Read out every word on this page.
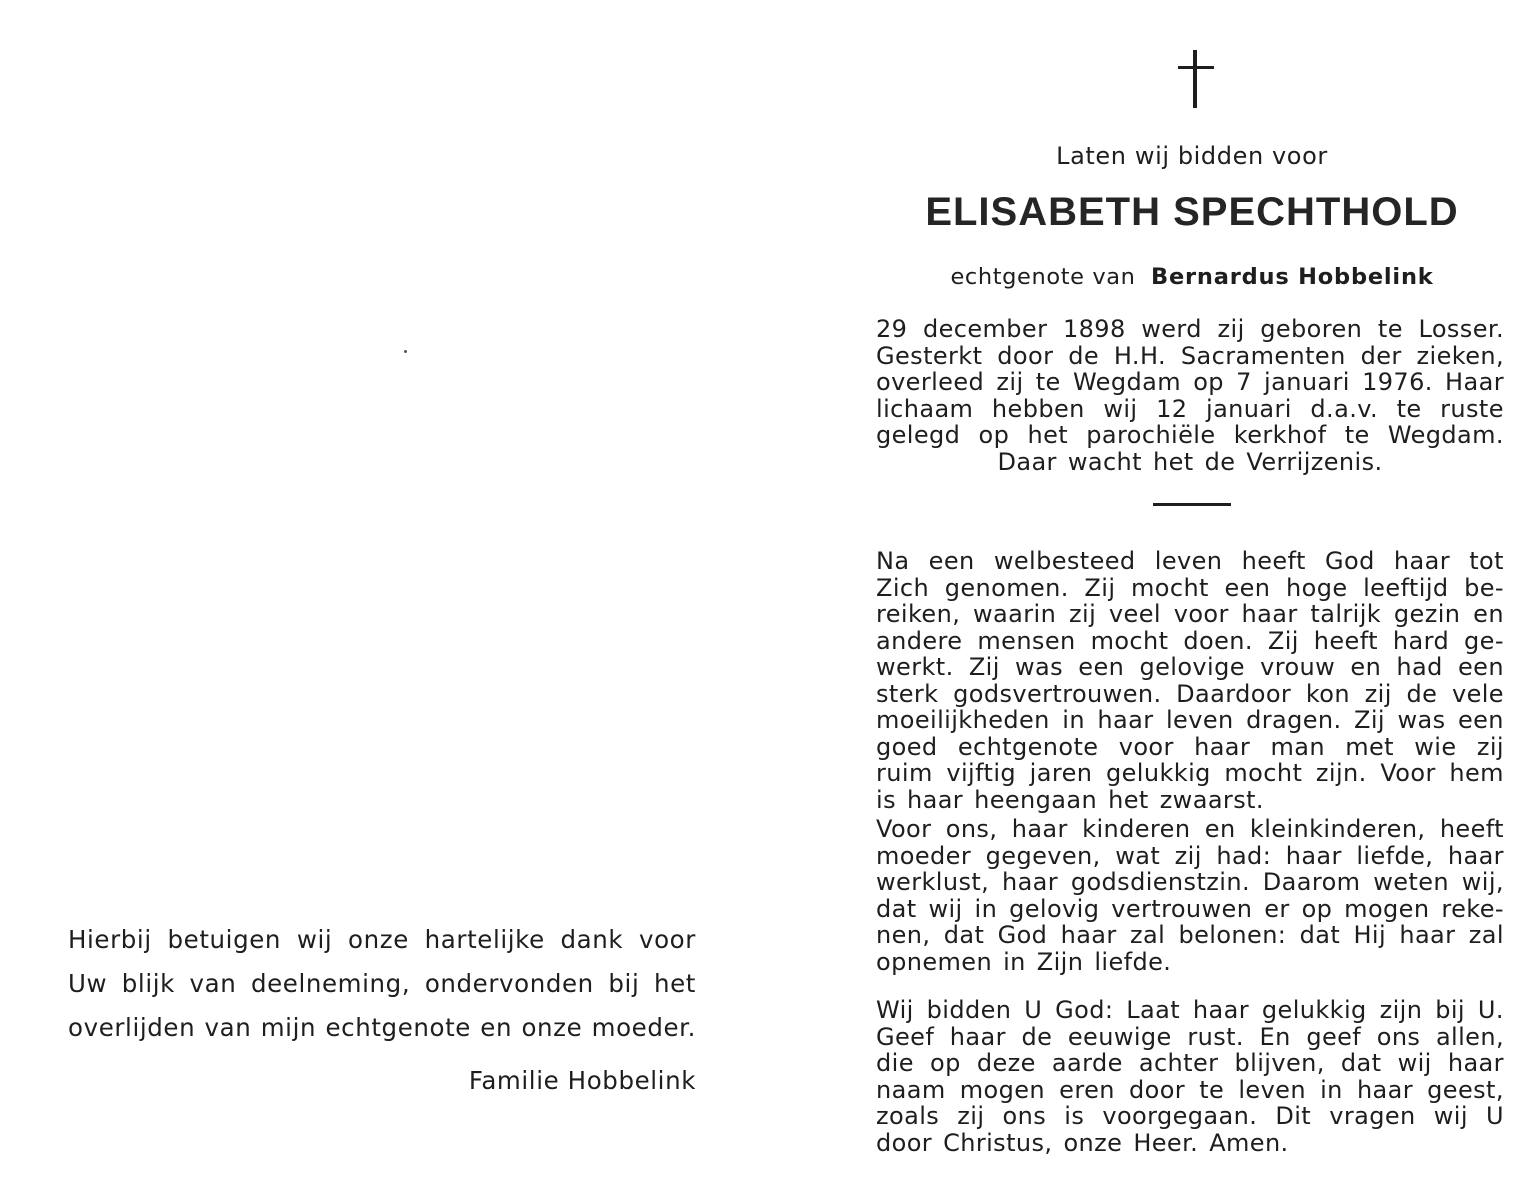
Hierbij betuigen wij onze hartelijke dank voor
Uw blijk van deelneming, ondervonden bij het
overlijden van mijn echtgenote en onze moeder.
Familie Hobbelink
Laten wij bidden voor
ELISABETH SPECHTHOLD
echtgenote van Bernardus Hobbelink
29 december 1898 werd zij geboren te Losser.
Gesterkt door de H.H. Sacramenten der zieken,
overleed zij te Wegdam op 7 januari 1976. Haar
lichaam hebben wij 12 januari d.a.v. te ruste
gelegd op het parochiële kerkhof te Wegdam.
Daar wacht het de Verrijzenis.
Na een welbesteed leven heeft God haar tot
Zich genomen. Zij mocht een hoge leeftijd be-
reiken, waarin zij veel voor haar talrijk gezin en
andere mensen mocht doen. Zij heeft hard ge-
werkt. Zij was een gelovige vrouw en had een
sterk godsvertrouwen. Daardoor kon zij de vele
moeilijkheden in haar leven dragen. Zij was een
goed echtgenote voor haar man met wie zij
ruim vijftig jaren gelukkig mocht zijn. Voor hem
is haar heengaan het zwaarst.
Voor ons, haar kinderen en kleinkinderen, heeft
moeder gegeven, wat zij had: haar liefde, haar
werklust, haar godsdienstzin. Daarom weten wij,
dat wij in gelovig vertrouwen er op mogen reke-
nen, dat God haar zal belonen: dat Hij haar zal
opnemen in Zijn liefde.
Wij bidden U God: Laat haar gelukkig zijn bij U.
Geef haar de eeuwige rust. En geef ons allen,
die op deze aarde achter blijven, dat wij haar
naam mogen eren door te leven in haar geest,
zoals zij ons is voorgegaan. Dit vragen wij U
door Christus, onze Heer. Amen.
